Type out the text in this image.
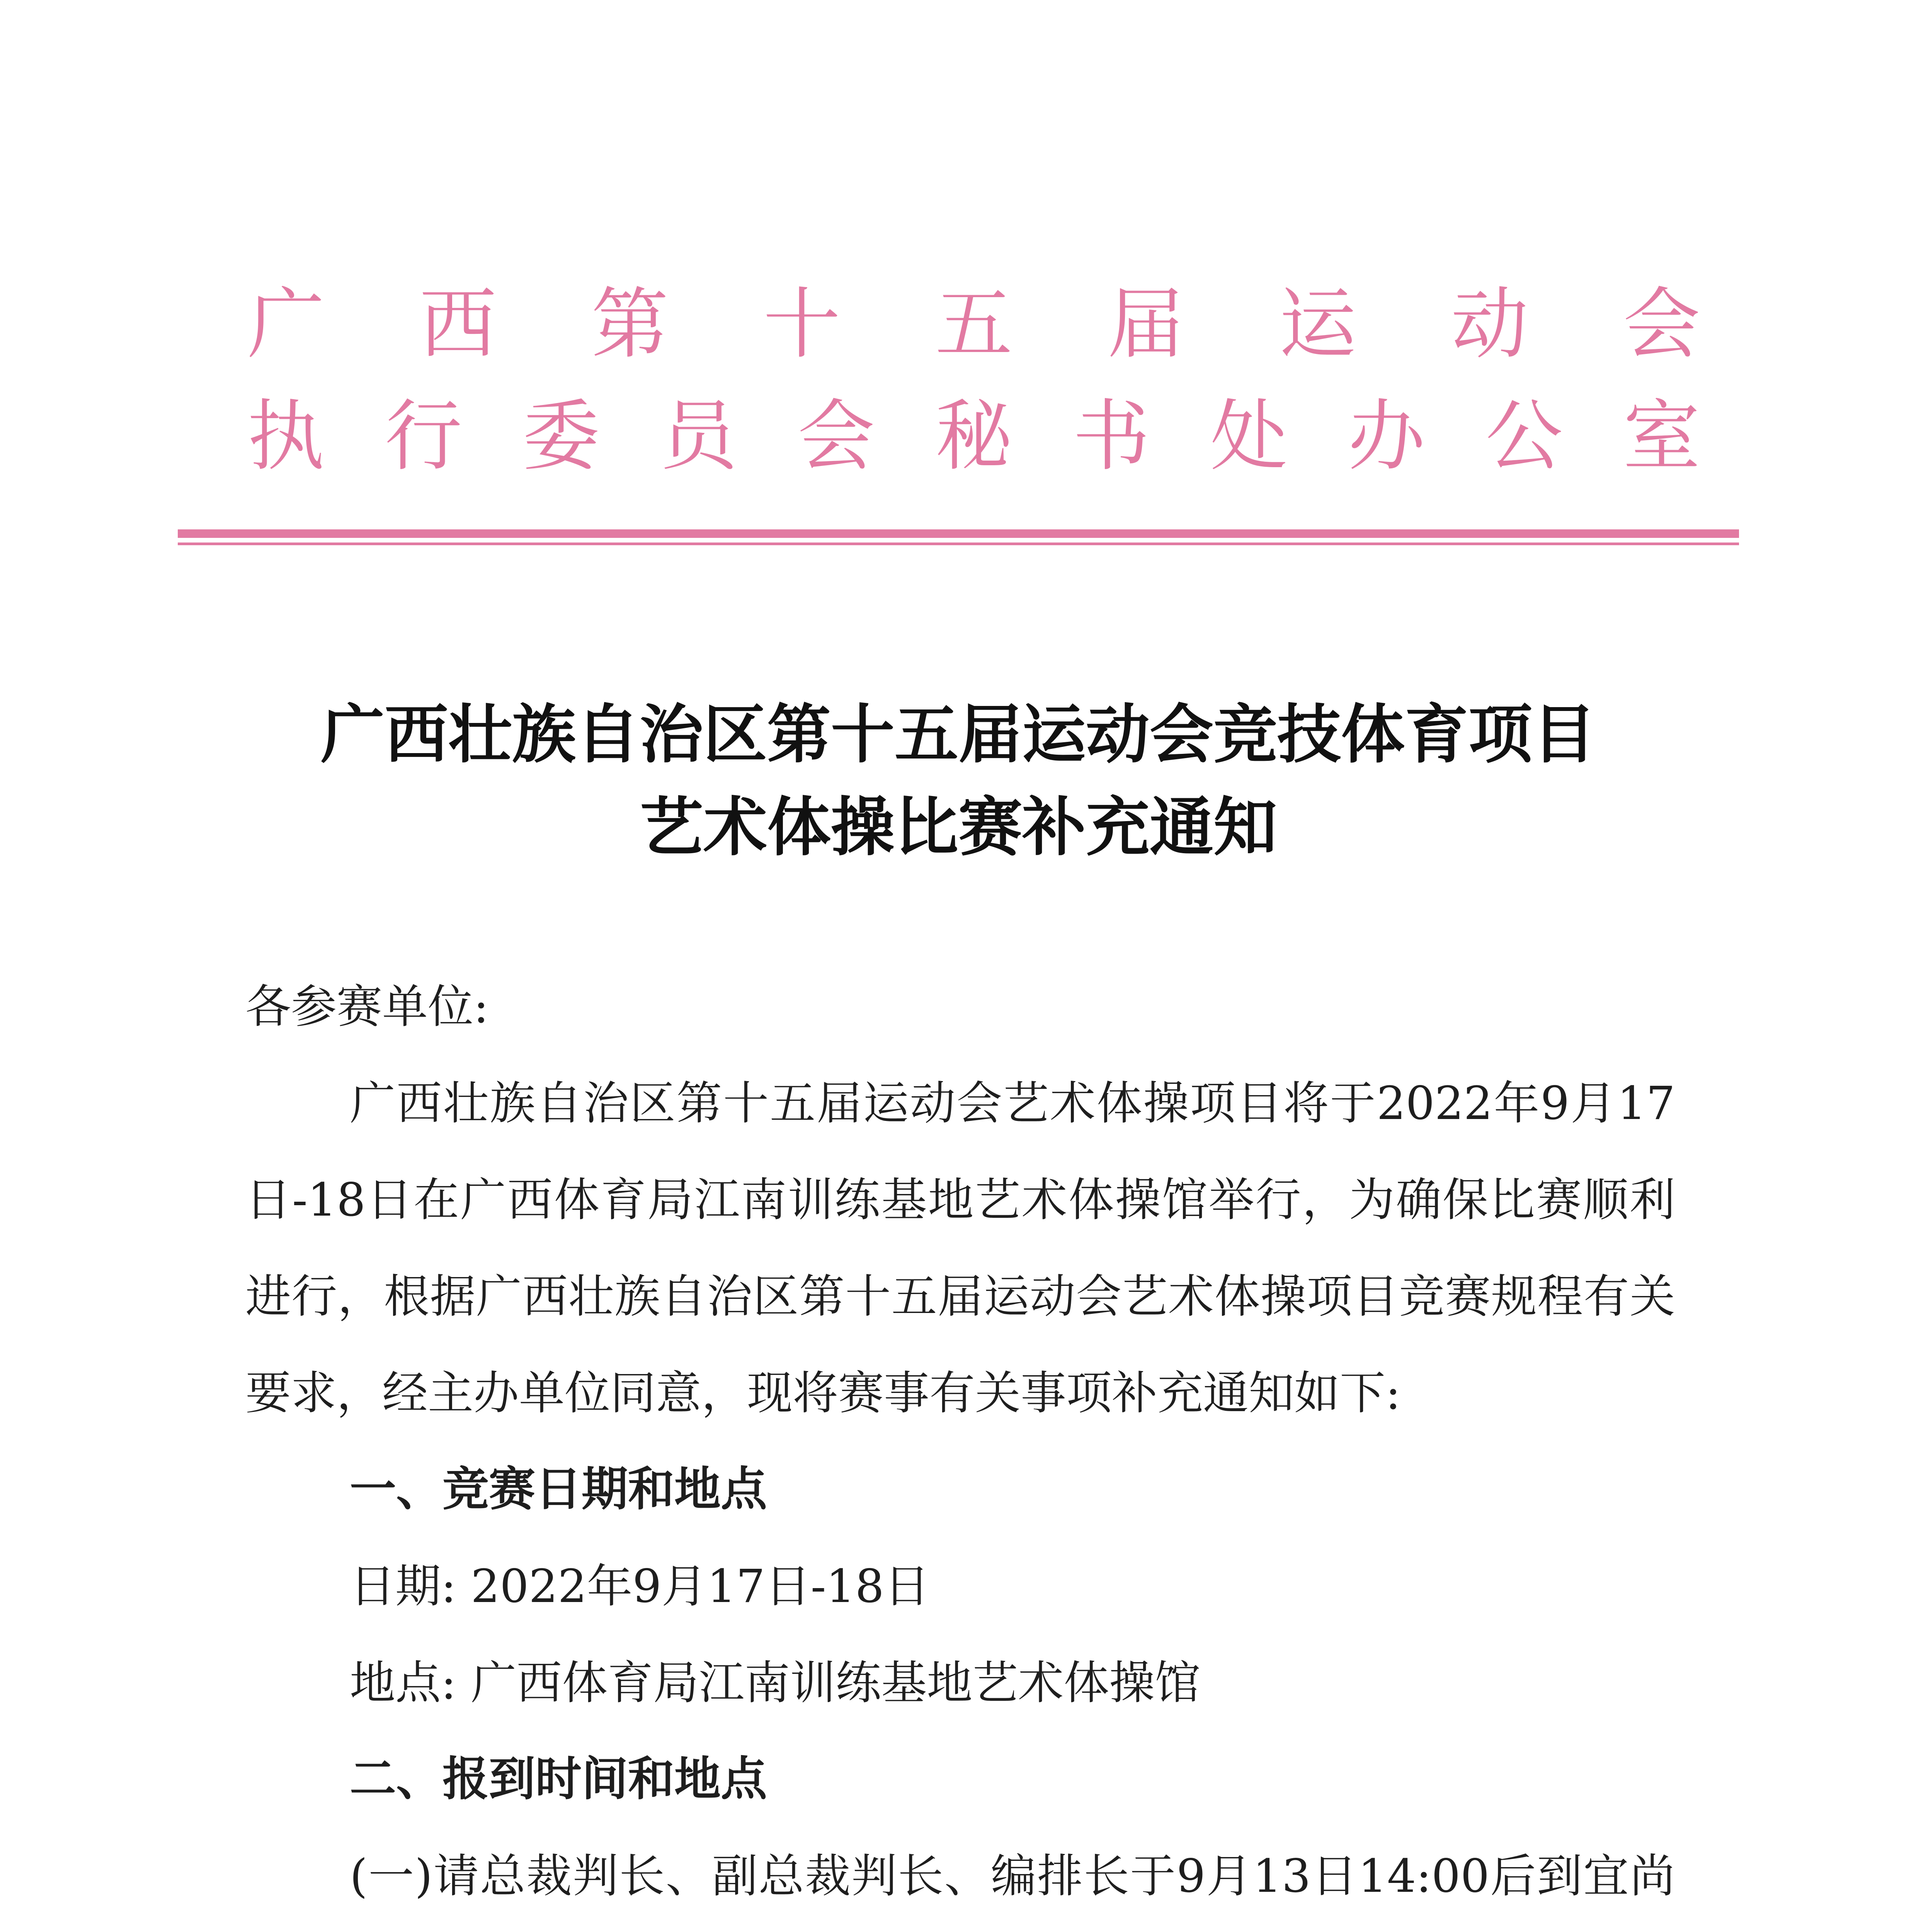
广 西 第 十 五 届 运 动 会
执 行 委 员 会 秘 书 处 办 公 室
广西壮族自治区第十五届运动会竞技体育项目
艺术体操比赛补充通知

各参赛单位:

广西壮族自治区第十五届运动会艺术体操项目将于2022年9月17日-18日在广西体育局江南训练基地艺术体操馆举行，为确保比赛顺利进行，根据广西壮族自治区第十五届运动会艺术体操项目竞赛规程有关要求，经主办单位同意，现将赛事有关事项补充通知如下:

一、竞赛日期和地点

日期: 2022年9月17日-18日

地点: 广西体育局江南训练基地艺术体操馆

二、报到时间和地点

(一)请总裁判长、副总裁判长、编排长于9月13日14:00后到宜尚
